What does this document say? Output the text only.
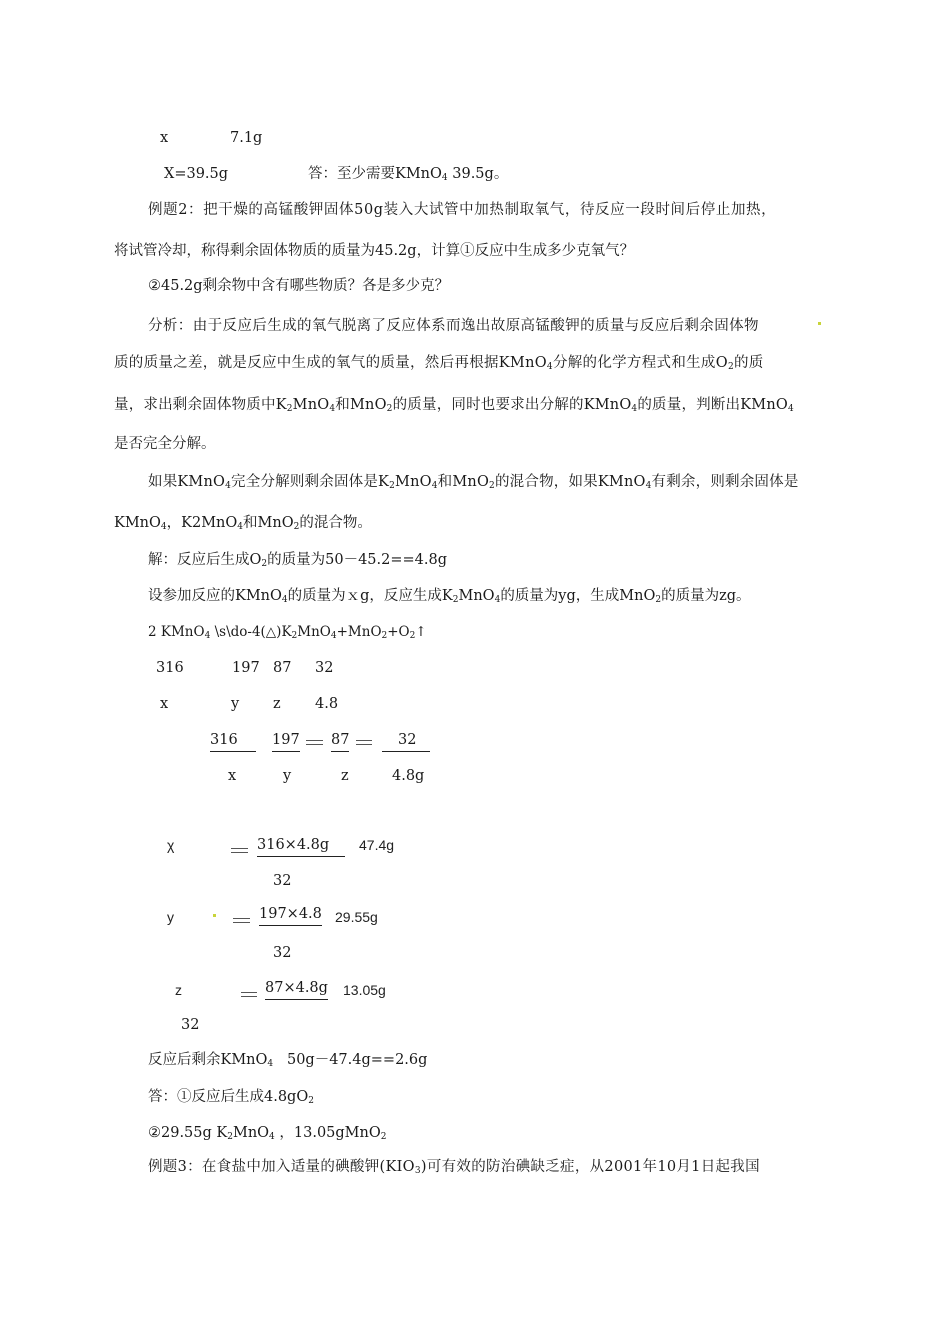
x	7.1g
X=39.5g	答：至少需要KMnO$_4$ 39.5g。
例题2：把干燥的高锰酸钾固体50g装入大试管中加热制取氧气，待反应一段时间后停止加热，
将试管冷却，称得剩余固体物质的质量为45.2g，计算①反应中生成多少克氧气？
②45.2g剩余物中含有哪些物质？各是多少克？
分析：由于反应后生成的氧气脱离了反应体系而逸出故原高锰酸钾的质量与反应后剩余固体物
质的质量之差，就是反应中生成的氧气的质量，然后再根据KMnO$_4$分解的化学方程式和生成$O_2$的质
量，求出剩余固体物质中$K_2MnO_4$和MnO$_2$的质量，同时也要求出分解的KMnO$_4$的质量，判断出KMnO$_4$
是否完全分解。
如果KMnO$_4$完全分解则剩余固体是$K_2MnO_4$和MnO$_2$的混合物，如果KMnO$_4$有剩余，则剩余固体是
KMnO$_4$，K2MnO$_4$和MnO$_2$的混合物。
解：反应后生成$O_2$的质量为50－45.2==4.8g
设参加反应的KMnO$_4$的质量为ｘg，反应生成$K_2MnO_4$的质量为yg，生成MnO$_2$的质量为zg。
2 KMnO$_4$ $\backslash s\backslash do-4(\triangle)K_2MnO_4+MnO_2+O_2↑$
316	197 87 32
x	y z 4.8
316	197 87	32
x	y	z	4.8g
χ	316×4.8g	47.4g
32
y	197×4.8 29.55g
32
z	87×4.8g 13.05g
32
反应后剩余KMnO$_4$   50g－47.4g==2.6g
答：①反应后生成$4.8gO_2$
②29.55g $K_2MnO_4$ ，13.05gMnO$_2$
例题3：在食盐中加入适量的碘酸钾$(KIO_3)$可有效的防治碘缺乏症，从2001年10月1日起我国
